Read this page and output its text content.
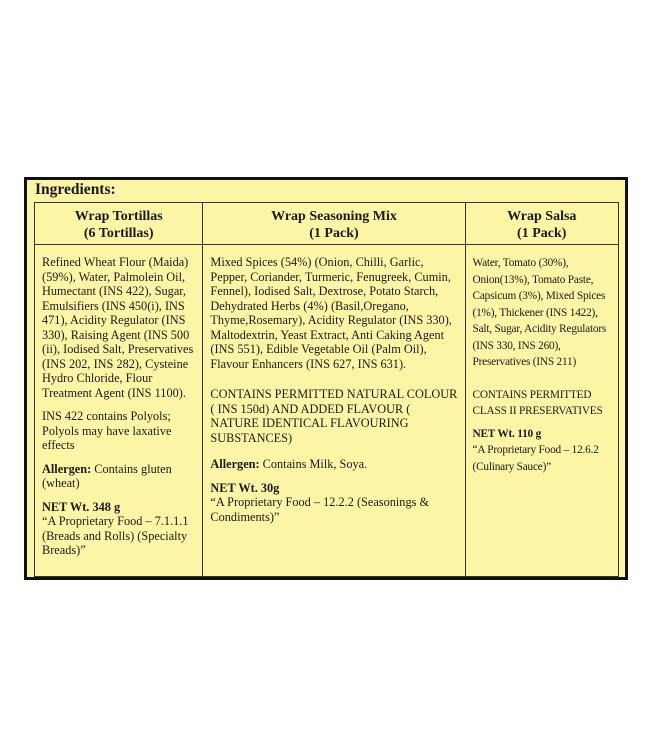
Ingredients:
Wrap Tortillas
(6 Tortillas)

Refined Wheat Flour (Maida) (59%), Water, Palmolein Oil, Humectant (INS 422), Sugar, Emulsifiers (INS 450(i), INS 471), Acidity Regulator (INS 330), Raising Agent (INS 500 (ii), Iodised Salt, Preservatives (INS 202, INS 282), Cysteine Hydro Chloride, Flour Treatment Agent (INS 1100).

INS 422 contains Polyols; Polyols may have laxative effects

Allergen: Contains gluten (wheat)

NET Wt. 348 g
“A Proprietary Food – 7.1.1.1 (Breads and Rolls) (Specialty Breads)”
Wrap Seasoning Mix
(1 Pack)

Mixed Spices (54%) (Onion, Chilli, Garlic, Pepper, Coriander, Turmeric, Fenugreek, Cumin, Fennel), Iodised Salt, Dextrose, Potato Starch, Dehydrated Herbs (4%) (Basil,Oregano, Thyme,Rosemary), Acidity Regulator (INS 330), Maltodextrin, Yeast Extract, Anti Caking Agent (INS 551), Edible Vegetable Oil (Palm Oil), Flavour Enhancers (INS 627, INS 631).

CONTAINS PERMITTED NATURAL COLOUR ( INS 150d) AND ADDED FLAVOUR ( NATURE IDENTICAL FLAVOURING SUBSTANCES)

Allergen: Contains Milk, Soya.

NET Wt. 30g
“A Proprietary Food – 12.2.2 (Seasonings & Condiments)”
Wrap Salsa
(1 Pack)

Water, Tomato (30%), Onion(13%), Tomato Paste, Capsicum (3%), Mixed Spices (1%), Thickener (INS 1422), Salt, Sugar, Acidity Regulators (INS 330, INS 260), Preservatives (INS 211)

CONTAINS PERMITTED CLASS II PRESERVATIVES

NET Wt. 110 g
“A Proprietary Food – 12.6.2 (Culinary Sauce)”
